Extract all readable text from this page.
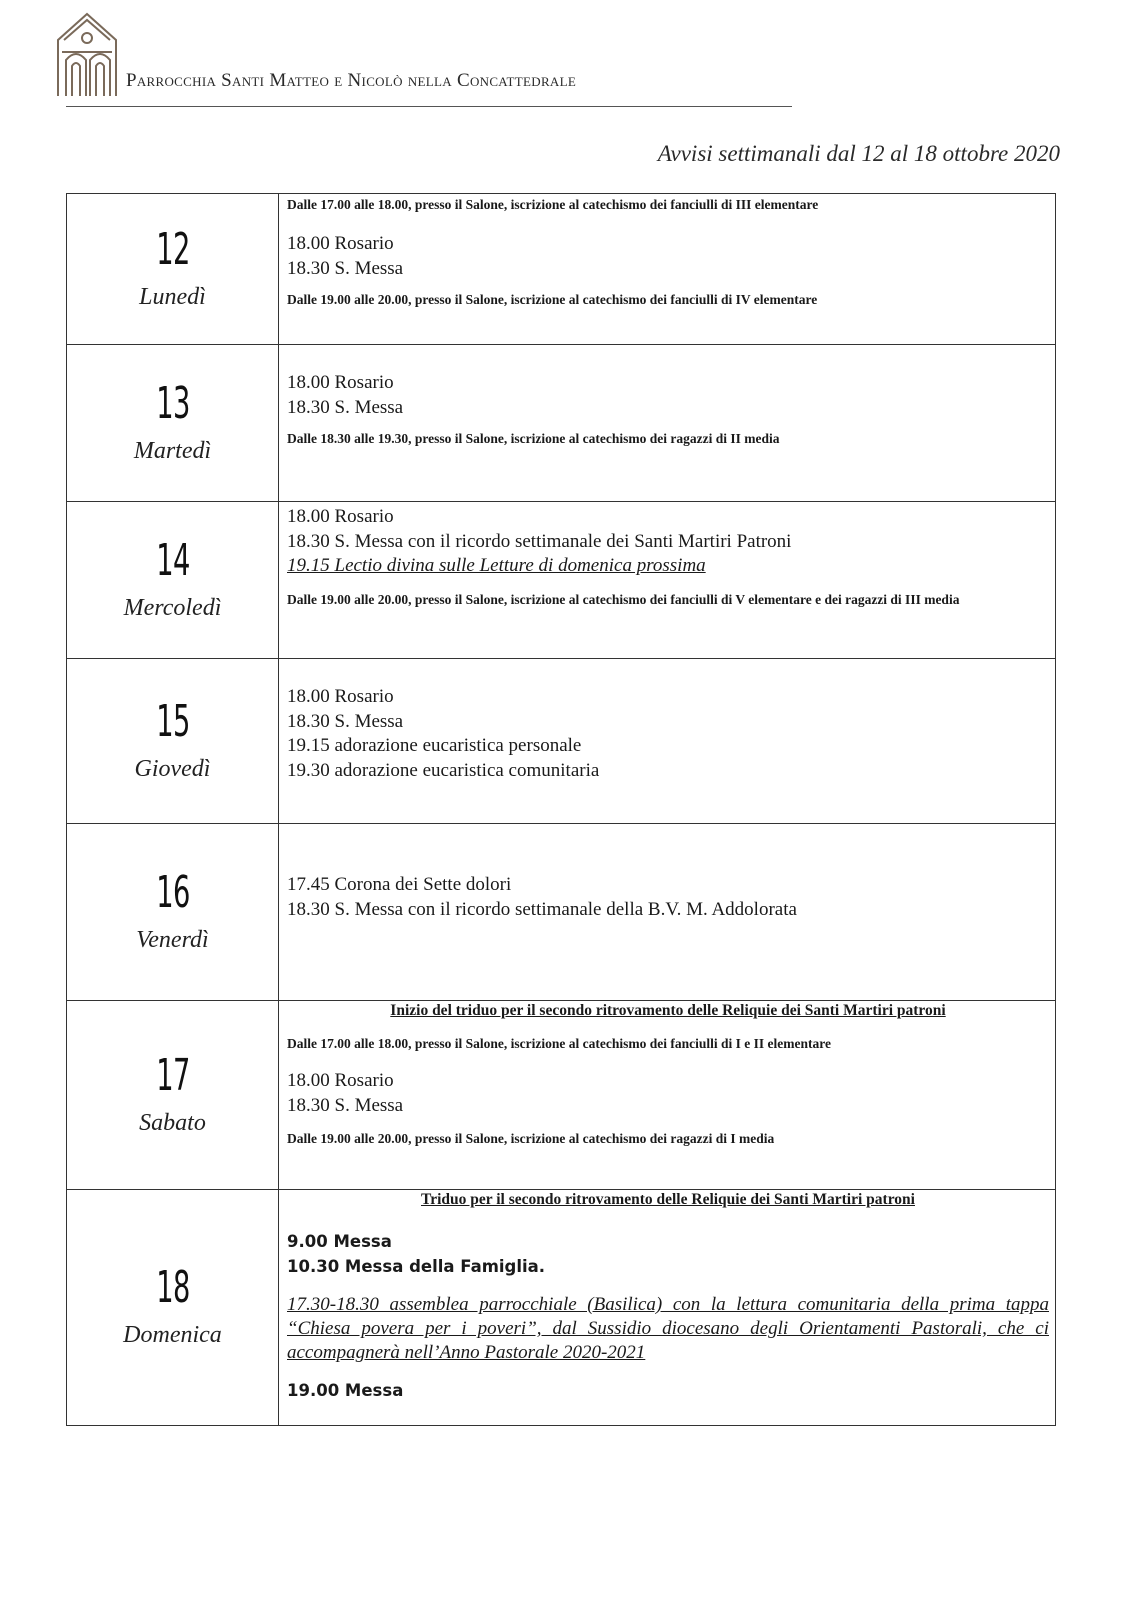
Parrocchia Santi Matteo e Nicolò nella Concattedrale
Avvisi settimanali dal 12 al 18 ottobre 2020
12
Lunedì
Dalle 17.00 alle 18.00, presso il Salone, iscrizione al catechismo dei fanciulli di III elementare
18.00 Rosario
18.30 S. Messa
Dalle 19.00 alle 20.00, presso il Salone, iscrizione al catechismo dei fanciulli di IV elementare
13
Martedì
18.00 Rosario
18.30 S. Messa
Dalle 18.30 alle 19.30, presso il Salone, iscrizione al catechismo dei ragazzi di II media
14
Mercoledì
18.00 Rosario
18.30 S. Messa con il ricordo settimanale dei Santi Martiri Patroni
19.15 Lectio divina sulle Letture di domenica prossima
Dalle 19.00 alle 20.00, presso il Salone, iscrizione al catechismo dei fanciulli di V elementare e dei ragazzi di III media
15
Giovedì
18.00 Rosario
18.30 S. Messa
19.15 adorazione eucaristica personale
19.30 adorazione eucaristica comunitaria
16
Venerdì
17.45 Corona dei Sette dolori
18.30 S. Messa con il ricordo settimanale della B.V. M. Addolorata
17
Sabato
Inizio del triduo per il secondo ritrovamento delle Reliquie dei Santi Martiri patroni
Dalle 17.00 alle 18.00, presso il Salone, iscrizione al catechismo dei fanciulli di I e II elementare
18.00 Rosario
18.30 S. Messa
Dalle 19.00 alle 20.00, presso il Salone, iscrizione al catechismo dei ragazzi di I media
18
Domenica
Triduo per il secondo ritrovamento delle Reliquie dei Santi Martiri patroni
9.00 Messa
10.30 Messa della Famiglia.
17.30-18.30 assemblea parrocchiale (Basilica) con la lettura comunitaria della prima tappa “Chiesa povera per i poveri”, dal Sussidio diocesano degli Orientamenti Pastorali, che ci accompagnerà nell’Anno Pastorale 2020-2021
19.00 Messa
